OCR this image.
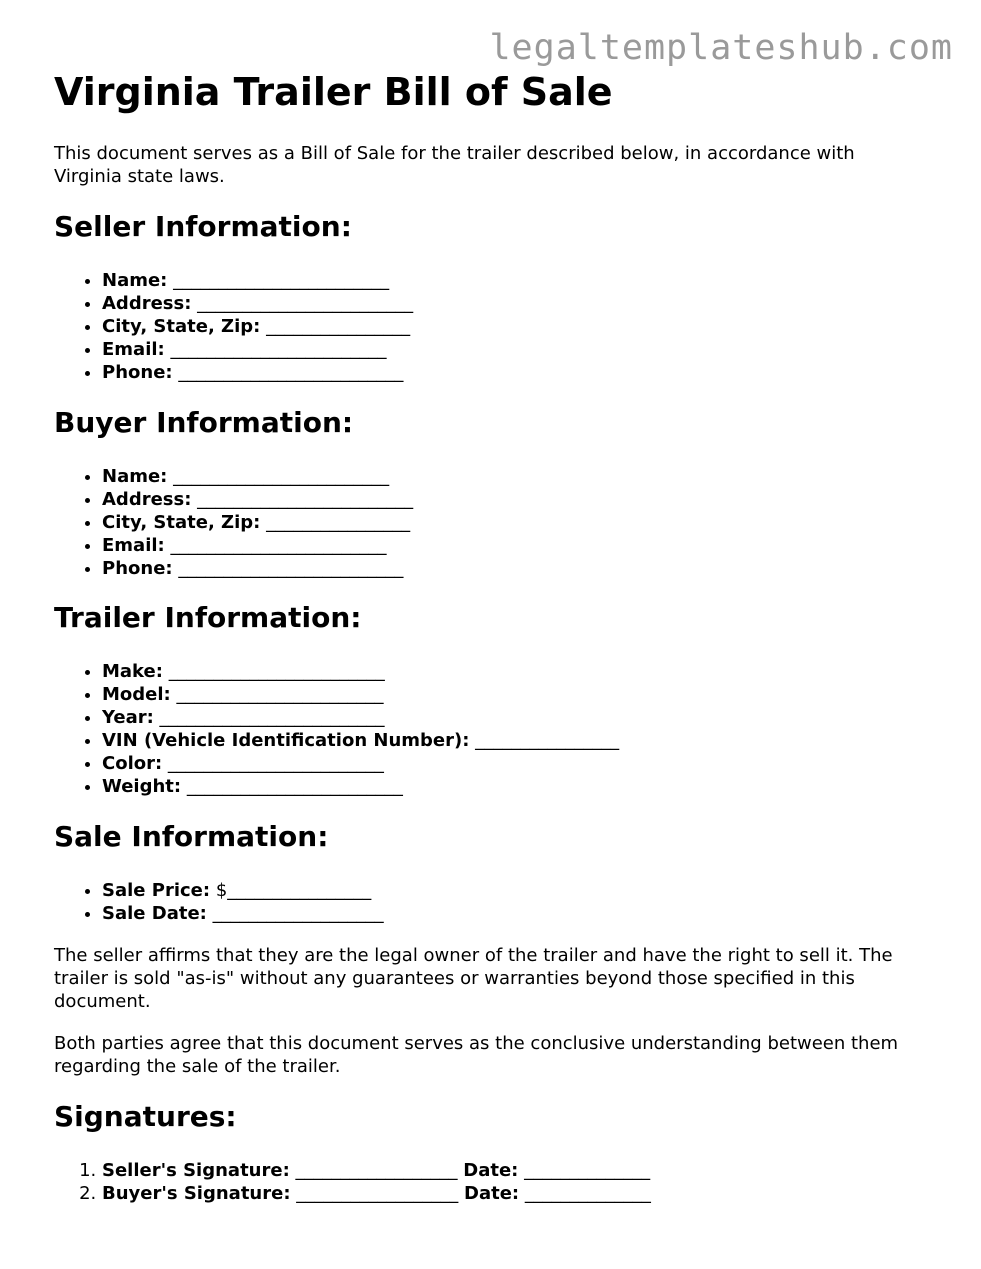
legaltemplateshub.com
Virginia Trailer Bill of Sale

This document serves as a Bill of Sale for the trailer described below, in accordance with Virginia state laws.

Seller Information:
• Name: ________________________
• Address: ________________________
• City, State, Zip: ________________
• Email: ________________________
• Phone: _________________________
Buyer Information:
• Name: ________________________
• Address: ________________________
• City, State, Zip: ________________
• Email: ________________________
• Phone: _________________________
Trailer Information:
• Make: ________________________
• Model: _______________________
• Year: _________________________
• VIN (Vehicle Identification Number): ________________
• Color: ________________________
• Weight: ________________________
Sale Information:
• Sale Price: $________________
• Sale Date: ___________________

The seller affirms that they are the legal owner of the trailer and have the right to sell it. The trailer is sold "as-is" without any guarantees or warranties beyond those specified in this document.

Both parties agree that this document serves as the conclusive understanding between them regarding the sale of the trailer.

Signatures:
1. Seller's Signature: __________________ Date: ______________
2. Buyer's Signature: __________________ Date: ______________
